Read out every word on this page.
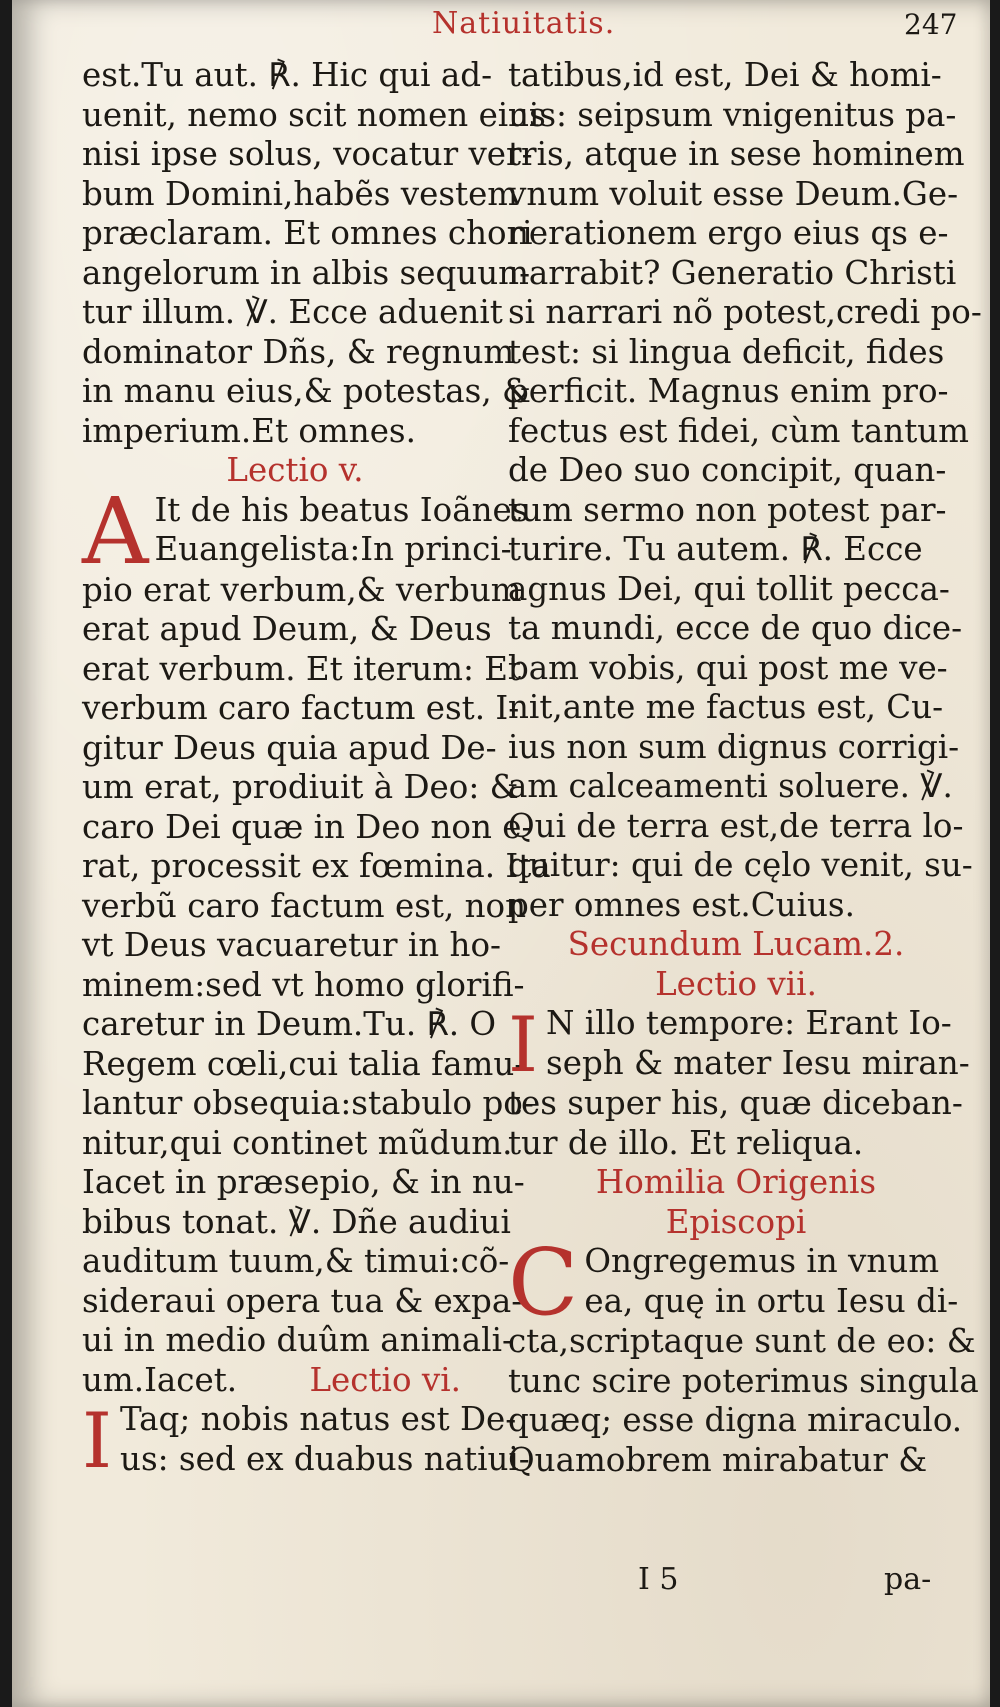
Natiuitatis.	247
est.Tu aut. ℟. Hic qui ad-
uenit, nemo scit nomen eius
nisi ipse solus, vocatur ver-
bum Domini,habẽs vestem
præclaram. Et omnes chori
angelorum in albis sequun-
tur illum. ℣. Ecce aduenit
dominator Dñs, & regnum
in manu eius,& potestas, &
imperium.Et omnes.
Lectio v.
A It de his beatus Ioãnes
Euangelista:In princi-
pio erat verbum,& verbum
erat apud Deum, & Deus
erat verbum. Et iterum: Et
verbum caro factum est. I-
gitur Deus quia apud De-
um erat, prodiuit à Deo: &
caro Dei quæ in Deo non e-
rat, processit ex fœmina. Ita
verbũ caro factum est, non
vt Deus vacuaretur in ho-
minem:sed vt homo glorifi-
caretur in Deum.Tu. ℟. O
Regem cœli,cui talia famu-
lantur obsequia:stabulo po-
nitur,qui continet mũdum.
Iacet in præsepio, & in nu-
bibus tonat. ℣. Dñe audiui
auditum tuum,& timui:cõ-
sideraui opera tua & expa-
ui in medio duûm animali-
um.Iacet. Lectio vi.
I Taq; nobis natus est De-
us: sed ex duabus natiui-
tatibus,id est, Dei & homi-
nis: seipsum vnigenitus pa-
tris, atque in sese hominem
vnum voluit esse Deum.Ge-
nerationem ergo eius qs e-
narrabit? Generatio Christi
si narrari nõ potest,credi po-
test: si lingua deficit, fides
perficit. Magnus enim pro-
fectus est fidei, cùm tantum
de Deo suo concipit, quan-
tum sermo non potest par-
turire. Tu autem. ℟. Ecce
agnus Dei, qui tollit pecca-
ta mundi, ecce de quo dice-
bam vobis, qui post me ve-
nit,ante me factus est, Cu-
ius non sum dignus corrigi-
am calceamenti soluere. ℣.
Qui de terra est,de terra lo-
quitur: qui de cęlo venit, su-
per omnes est.Cuius.
Secundum Lucam.2.
Lectio vii.
I N illo tempore: Erant Io-
seph & mater Iesu miran-
tes super his, quæ diceban-
tur de illo. Et reliqua.
Homilia Origenis
Episcopi
C Ongregemus in vnum
ea, quę in ortu Iesu di-
cta,scriptaque sunt de eo: &
tunc scire poterimus singula
quæq; esse digna miraculo.
Quamobrem mirabatur &
I 5	pa-
